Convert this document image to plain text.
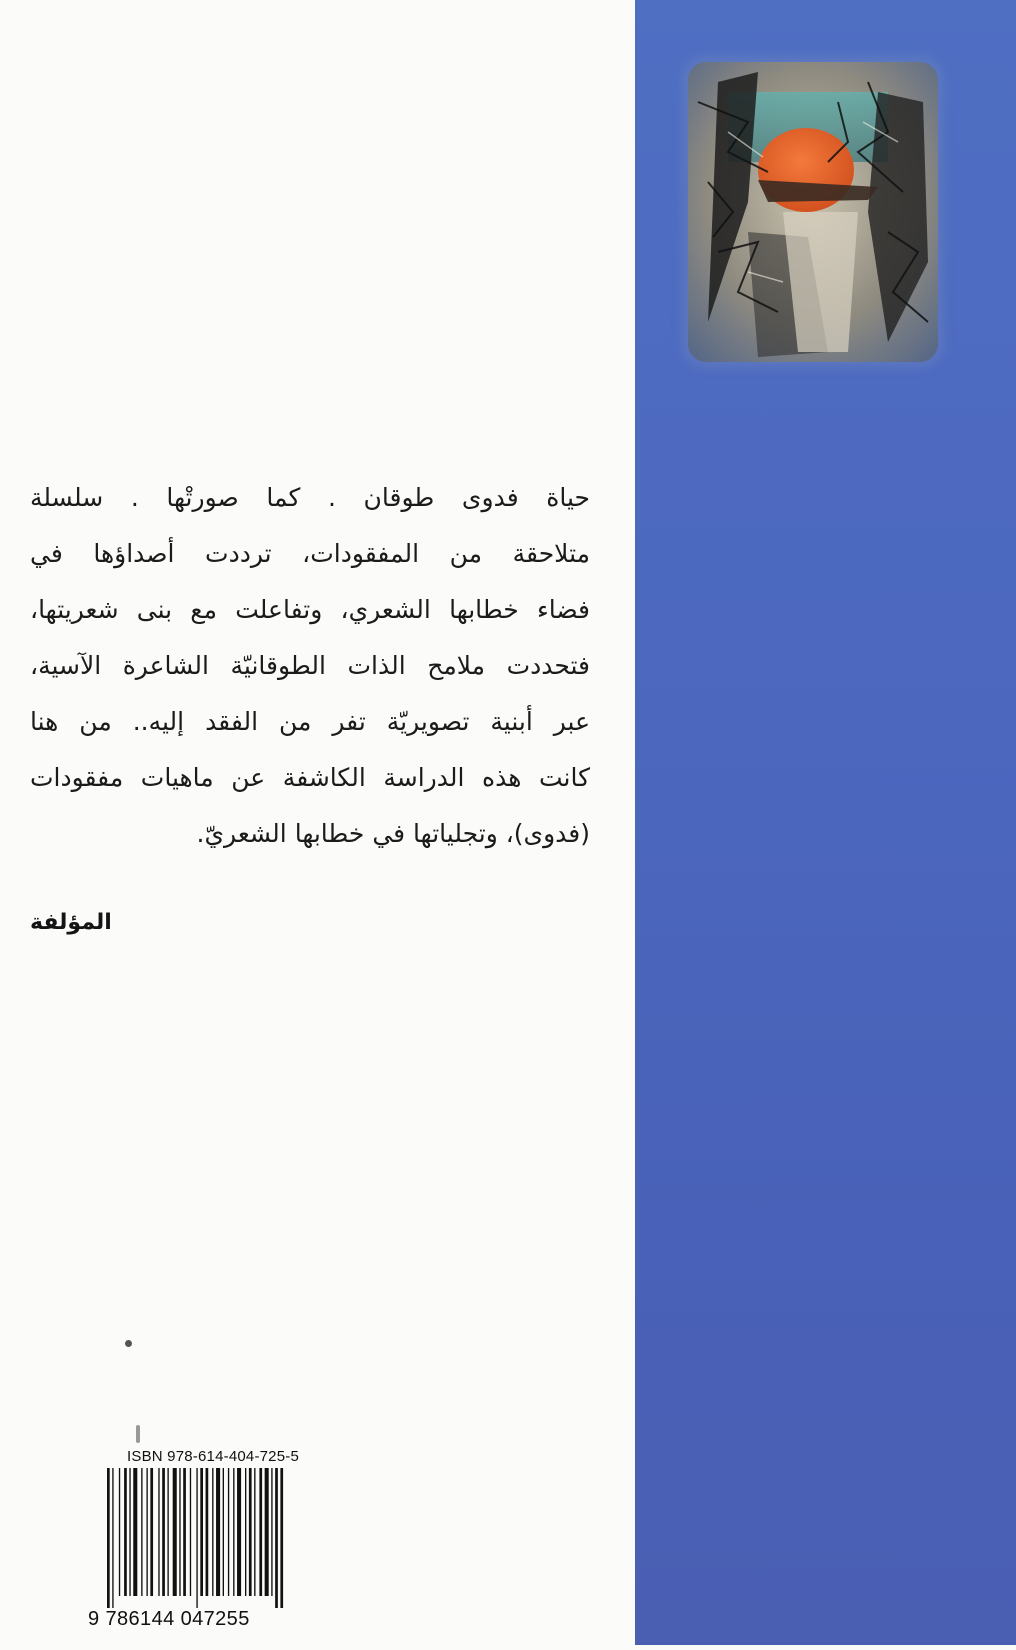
حياة فدوى طوقان . كما صورتْها . سلسلة
متلاحقة من المفقودات، ترددت أصداؤها في
فضاء خطابها الشعري، وتفاعلت مع بنى شعريتها،
فتحددت ملامح الذات الطوقانيّة الشاعرة الآسية،
عبر أبنية تصويريّة تفر من الفقد إليه.. من هنا
كانت هذه الدراسة الكاشفة عن ماهيات مفقودات
(فدوى)، وتجلياتها في خطابها الشعريّ.
المؤلفة
ISBN 978-614-404-725-5
9 786144 047255
